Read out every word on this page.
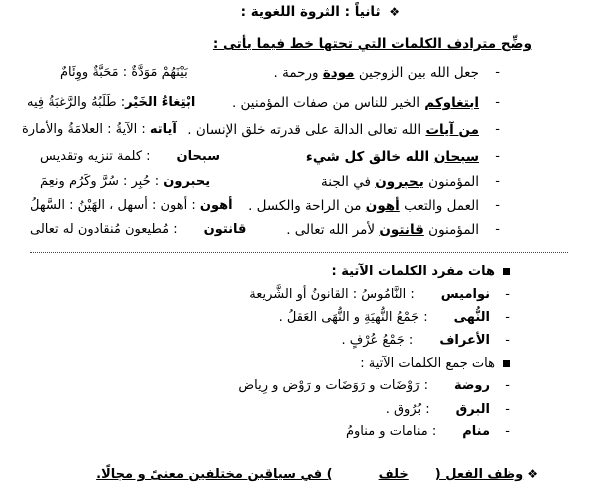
❖ ثانياً : الثروة اللغوية :
وضِّح مترادف الكلمات التي تحتها خط فيما يأتى :
-
جعل الله بين الزوجين مودة ورحمة .
بَيْنَهُمْ مَوَدَّةٌ : مَحَبَّةٌ ووِئَامٌ
-
ابتغاوكم الخير للناس من صفات المؤمنين .
ابْتِغاءُ الخَيْر: طَلَبُهُ والرَّغبَةُ فِيه
-
من آيات الله تعالى الدالة على قدرته خلق الإنسان .
آياته : الآيةُ : العلامَةُ والأمارة
-
سبحان الله خالق كل شيء
سبحان: كلمة تنزيه وتقديس
-
المؤمنون يحبرون في الجنة
يحبرون : حُبِر : سُرَّ وكَرُم ونعِمَ
-
العمل والتعب أهون من الراحة والكسل .
أهون : أهون : أسهل ، الهَيْنُ : السَّهلُ
-
المؤمنون قانتون لأمر الله تعالى .
قانتون: مُطيعون مُنقادون له تعالى
هات مفرد الكلمات الآتية :
-
نواميس: النَّامُوسُ : القانونُ أو الشَّريعة
-
النُّهى: جَمْعُ النُّهيَةِ و النُّهَى العَقلُ .
-
الأعراف: جَمْعُ عُرْفٍ .
هات جمع الكلمات الآتية :
-
روضة: رَوْضَات و رَوَضَات و رَوْض و رِياض
-
البرق: بُرُوق .
-
منام: منامات و مناومُ
❖وظف الفعل (خلف) في سياقين مختلفين معنىً و مجالًا.
